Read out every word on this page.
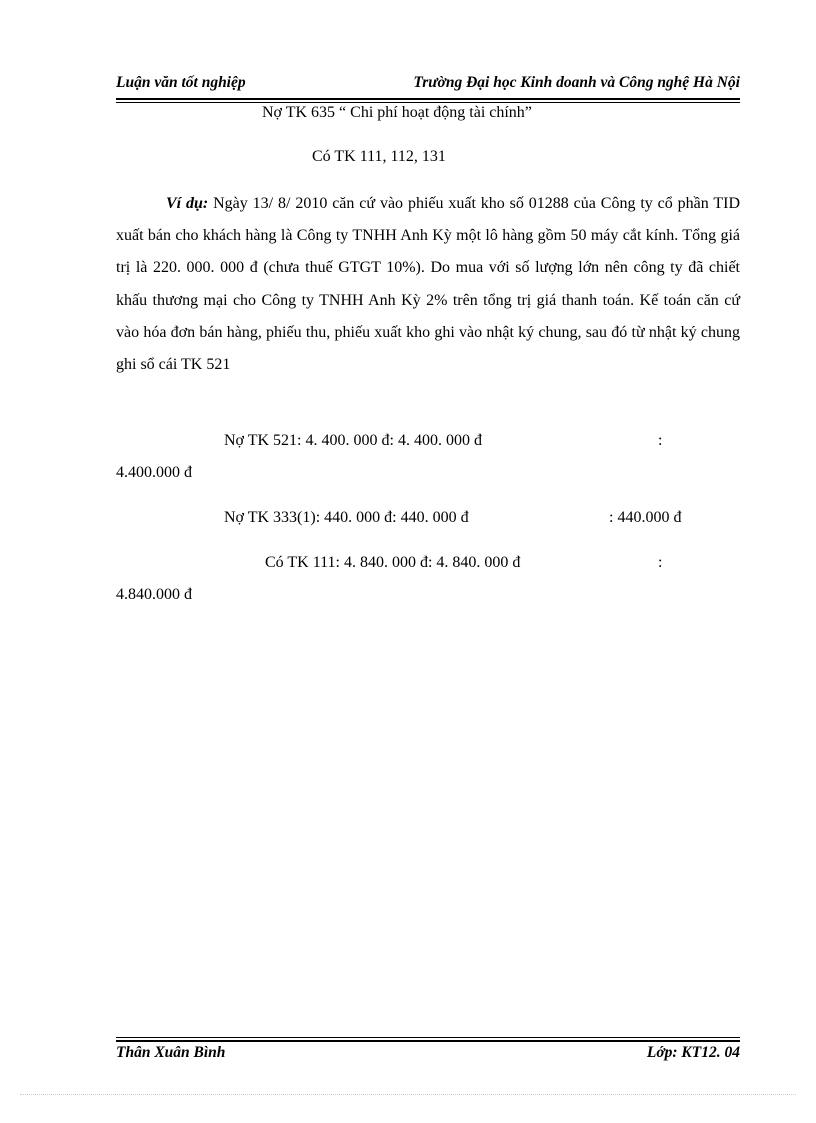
Luận văn tốt nghiệp	Trường Đại học Kinh doanh và Công nghệ Hà Nội
Nợ TK 635 “ Chi phí hoạt động tài chính”
Có TK 111, 112, 131
Ví dụ: Ngày 13/ 8/ 2010 căn cứ vào phiếu xuất kho số 01288 của Công ty cổ phần TID xuất bán cho khách hàng là Công ty TNHH Anh Kỳ một lô hàng gồm 50 máy cắt kính. Tổng giá trị là 220. 000. 000 đ (chưa thuế GTGT 10%). Do mua với số lượng lớn nên công ty đã chiết khấu thương mại cho Công ty TNHH Anh Kỳ 2% trên tổng trị giá thanh toán. Kế toán căn cứ vào hóa đơn bán hàng, phiếu thu, phiếu xuất kho ghi vào nhật ký chung, sau đó từ nhật ký chung ghi sổ cái TK 521
Nợ TK 521: 4. 400. 000 đ: 4. 400. 000 đ	:
4.400.000 đ
Nợ TK 333(1): 440. 000 đ: 440. 000 đ	: 440.000 đ
Có TK 111: 4. 840. 000 đ: 4. 840. 000 đ	:
4.840.000 đ
Thân Xuân Bình	Lớp: KT12. 04
